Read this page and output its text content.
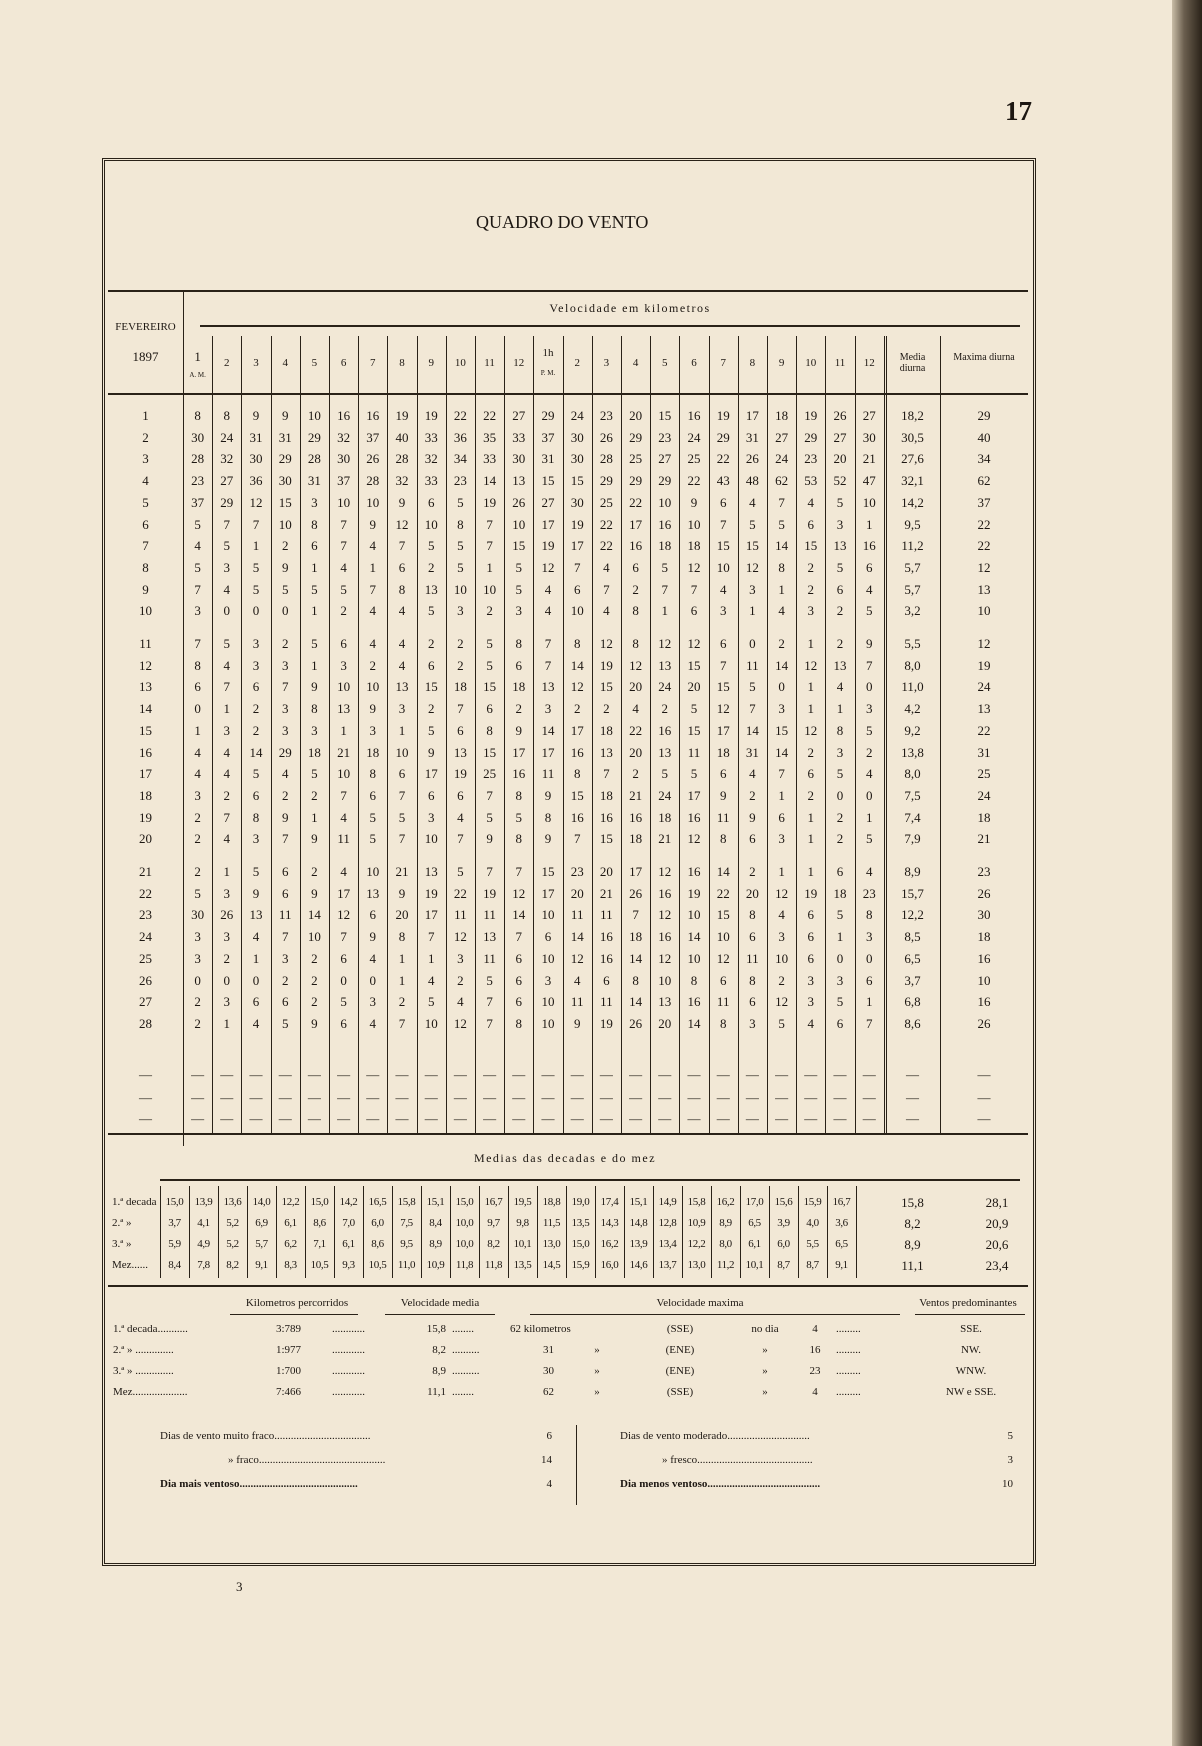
17
QUADRO DO VENTO
Velocidade em kilometros
FEVEREIRO
1897	1
A. M.
2	3	4	5	6	7	8	9	10	11	12
1h
P. M.
2	3	4	5	6	7	8	9	10	11	12	Media diurna
Maxima diurna
1	8	8	9	9	10	16	16	19	19	22	22	27	29	24	23	20	15	16	19	17	18	19	26	27	18,2	29
2	30	24	31	31	29	32	37	40	33	36	35	33	37	30	26	29	23	24	29	31	27	29	27	30	30,5	40
3	28	32	30	29	28	30	26	28	32	34	33	30	31	30	28	25	27	25	22	26	24	23	20	21	27,6	34
4	23	27	36	30	31	37	28	32	33	23	14	13	15	15	29	29	29	22	43	48	62	53	52	47	32,1	62
5	37	29	12	15	3	10	10	9	6	5	19	26	27	30	25	22	10	9	6	4	7	4	5	10	14,2	37
6	5	7	7	10	8	7	9	12	10	8	7	10	17	19	22	17	16	10	7	5	5	6	3	1	9,5	22
7	4	5	1	2	6	7	4	7	5	5	7	15	19	17	22	16	18	18	15	15	14	15	13	16	11,2	22
8	5	3	5	9	1	4	1	6	2	5	1	5	12	7	4	6	5	12	10	12	8	2	5	6	5,7	12
9	7	4	5	5	5	5	7	8	13	10	10	5	4	6	7	2	7	7	4	3	1	2	6	4	5,7	13
10	3	0	0	0	1	2	4	4	5	3	2	3	4	10	4	8	1	6	3	1	4	3	2	5	3,2	10
11	7	5	3	2	5	6	4	4	2	2	5	8	7	8	12	8	12	12	6	0	2	1	2	9	5,5	12
12	8	4	3	3	1	3	2	4	6	2	5	6	7	14	19	12	13	15	7	11	14	12	13	7	8,0	19
13	6	7	6	7	9	10	10	13	15	18	15	18	13	12	15	20	24	20	15	5	0	1	4	0	11,0	24
14	0	1	2	3	8	13	9	3	2	7	6	2	3	2	2	4	2	5	12	7	3	1	1	3	4,2	13
15	1	3	2	3	3	1	3	1	5	6	8	9	14	17	18	22	16	15	17	14	15	12	8	5	9,2	22
16	4	4	14	29	18	21	18	10	9	13	15	17	17	16	13	20	13	11	18	31	14	2	3	2	13,8	31
17	4	4	5	4	5	10	8	6	17	19	25	16	11	8	7	2	5	5	6	4	7	6	5	4	8,0	25
18	3	2	6	2	2	7	6	7	6	6	7	8	9	15	18	21	24	17	9	2	1	2	0	0	7,5	24
19	2	7	8	9	1	4	5	5	3	4	5	5	8	16	16	16	18	16	11	9	6	1	2	1	7,4	18
20	2	4	3	7	9	11	5	7	10	7	9	8	9	7	15	18	21	12	8	6	3	1	2	5	7,9	21
21	2	1	5	6	2	4	10	21	13	5	7	7	15	23	20	17	12	16	14	2	1	1	6	4	8,9	23
22	5	3	9	6	9	17	13	9	19	22	19	12	17	20	21	26	16	19	22	20	12	19	18	23	15,7	26
23	30	26	13	11	14	12	6	20	17	11	11	14	10	11	11	7	12	10	15	8	4	6	5	8	12,2	30
24	3	3	4	7	10	7	9	8	7	12	13	7	6	14	16	18	16	14	10	6	3	6	1	3	8,5	18
25	3	2	1	3	2	6	4	1	1	3	11	6	10	12	16	14	12	10	12	11	10	6	0	0	6,5	16
26	0	0	0	2	2	0	0	1	4	2	5	6	3	4	6	8	10	8	6	8	2	3	3	6	3,7	10
27	2	3	6	6	2	5	3	2	5	4	7	6	10	11	11	14	13	16	11	6	12	3	5	1	6,8	16
28	2	1	4	5	9	6	4	7	10	12	7	8	10	9	19	26	20	14	8	3	5	4	6	7	8,6	26
—	—	—	—	—	—	—	—	—	—	—	—	—	—	—	—	—	—	—	—	—	—	—	—	—	—	—
—	—	—	—	—	—	—	—	—	—	—	—	—	—	—	—	—	—	—	—	—	—	—	—	—	—	—
—	—	—	—	—	—	—	—	—	—	—	—	—	—	—	—	—	—	—	—	—	—	—	—	—	—	—
Medias das decadas e do mez
1.ª decada 15,0	13,9	13,6	14,0	12,2	15,0	14,2	16,5	15,8	15,1	15,0	16,7	19,5	18,8	19,0	17,4	15,1	14,9	15,8	16,2	17,0	15,6	15,9	16,7	15,8	28,1
2.ª »	3,7	4,1	5,2	6,9	6,1	8,6	7,0	6,0	7,5	8,4	10,0	9,7	9,8	11,5	13,5	14,3	14,8	12,8	10,9	8,9	6,5	3,9	4,0	3,6	8,2	20,9
3.ª »	5,9	4,9	5,2	5,7	6,2	7,1	6,1	8,6	9,5	8,9	10,0	8,2	10,1	13,0	15,0	16,2	13,9	13,4	12,2	8,0	6,1	6,0	5,5	6,5	8,9	20,6
Mez......	8,4	7,8	8,2	9,1	8,3	10,5	9,3	10,5	11,0	10,9	11,8	11,8	13,5	14,5	15,9	16,0	14,6	13,7	13,0	11,2	10,1	8,7	8,7	9,1	11,1	23,4
Kilometros percorridos	Velocidade media	Velocidade maxima	Ventos predominantes
1.ª decada...........	3:789	............	15,8 ........	62 kilometros	(SSE)	no dia	4	.........	SSE.
2.ª » ..............	1:977	............	8,2 ..........	31	»	(ENE)	»	16	.........	NW.
3.ª » ..............	1:700	............	8,9 ..........	30	»	(ENE)	»	23	.........	WNW.
Mez....................	7:466	............	11,1 ........	62	»	(SSE)	»	4	.........	NW e SSE.
Dias de vento muito fraco...................................	6
» fraco..............................................	14
Dia mais ventoso...........................................	4
Dias de vento moderado..............................	5
» fresco..........................................	3
Dia menos ventoso.........................................	10
3
